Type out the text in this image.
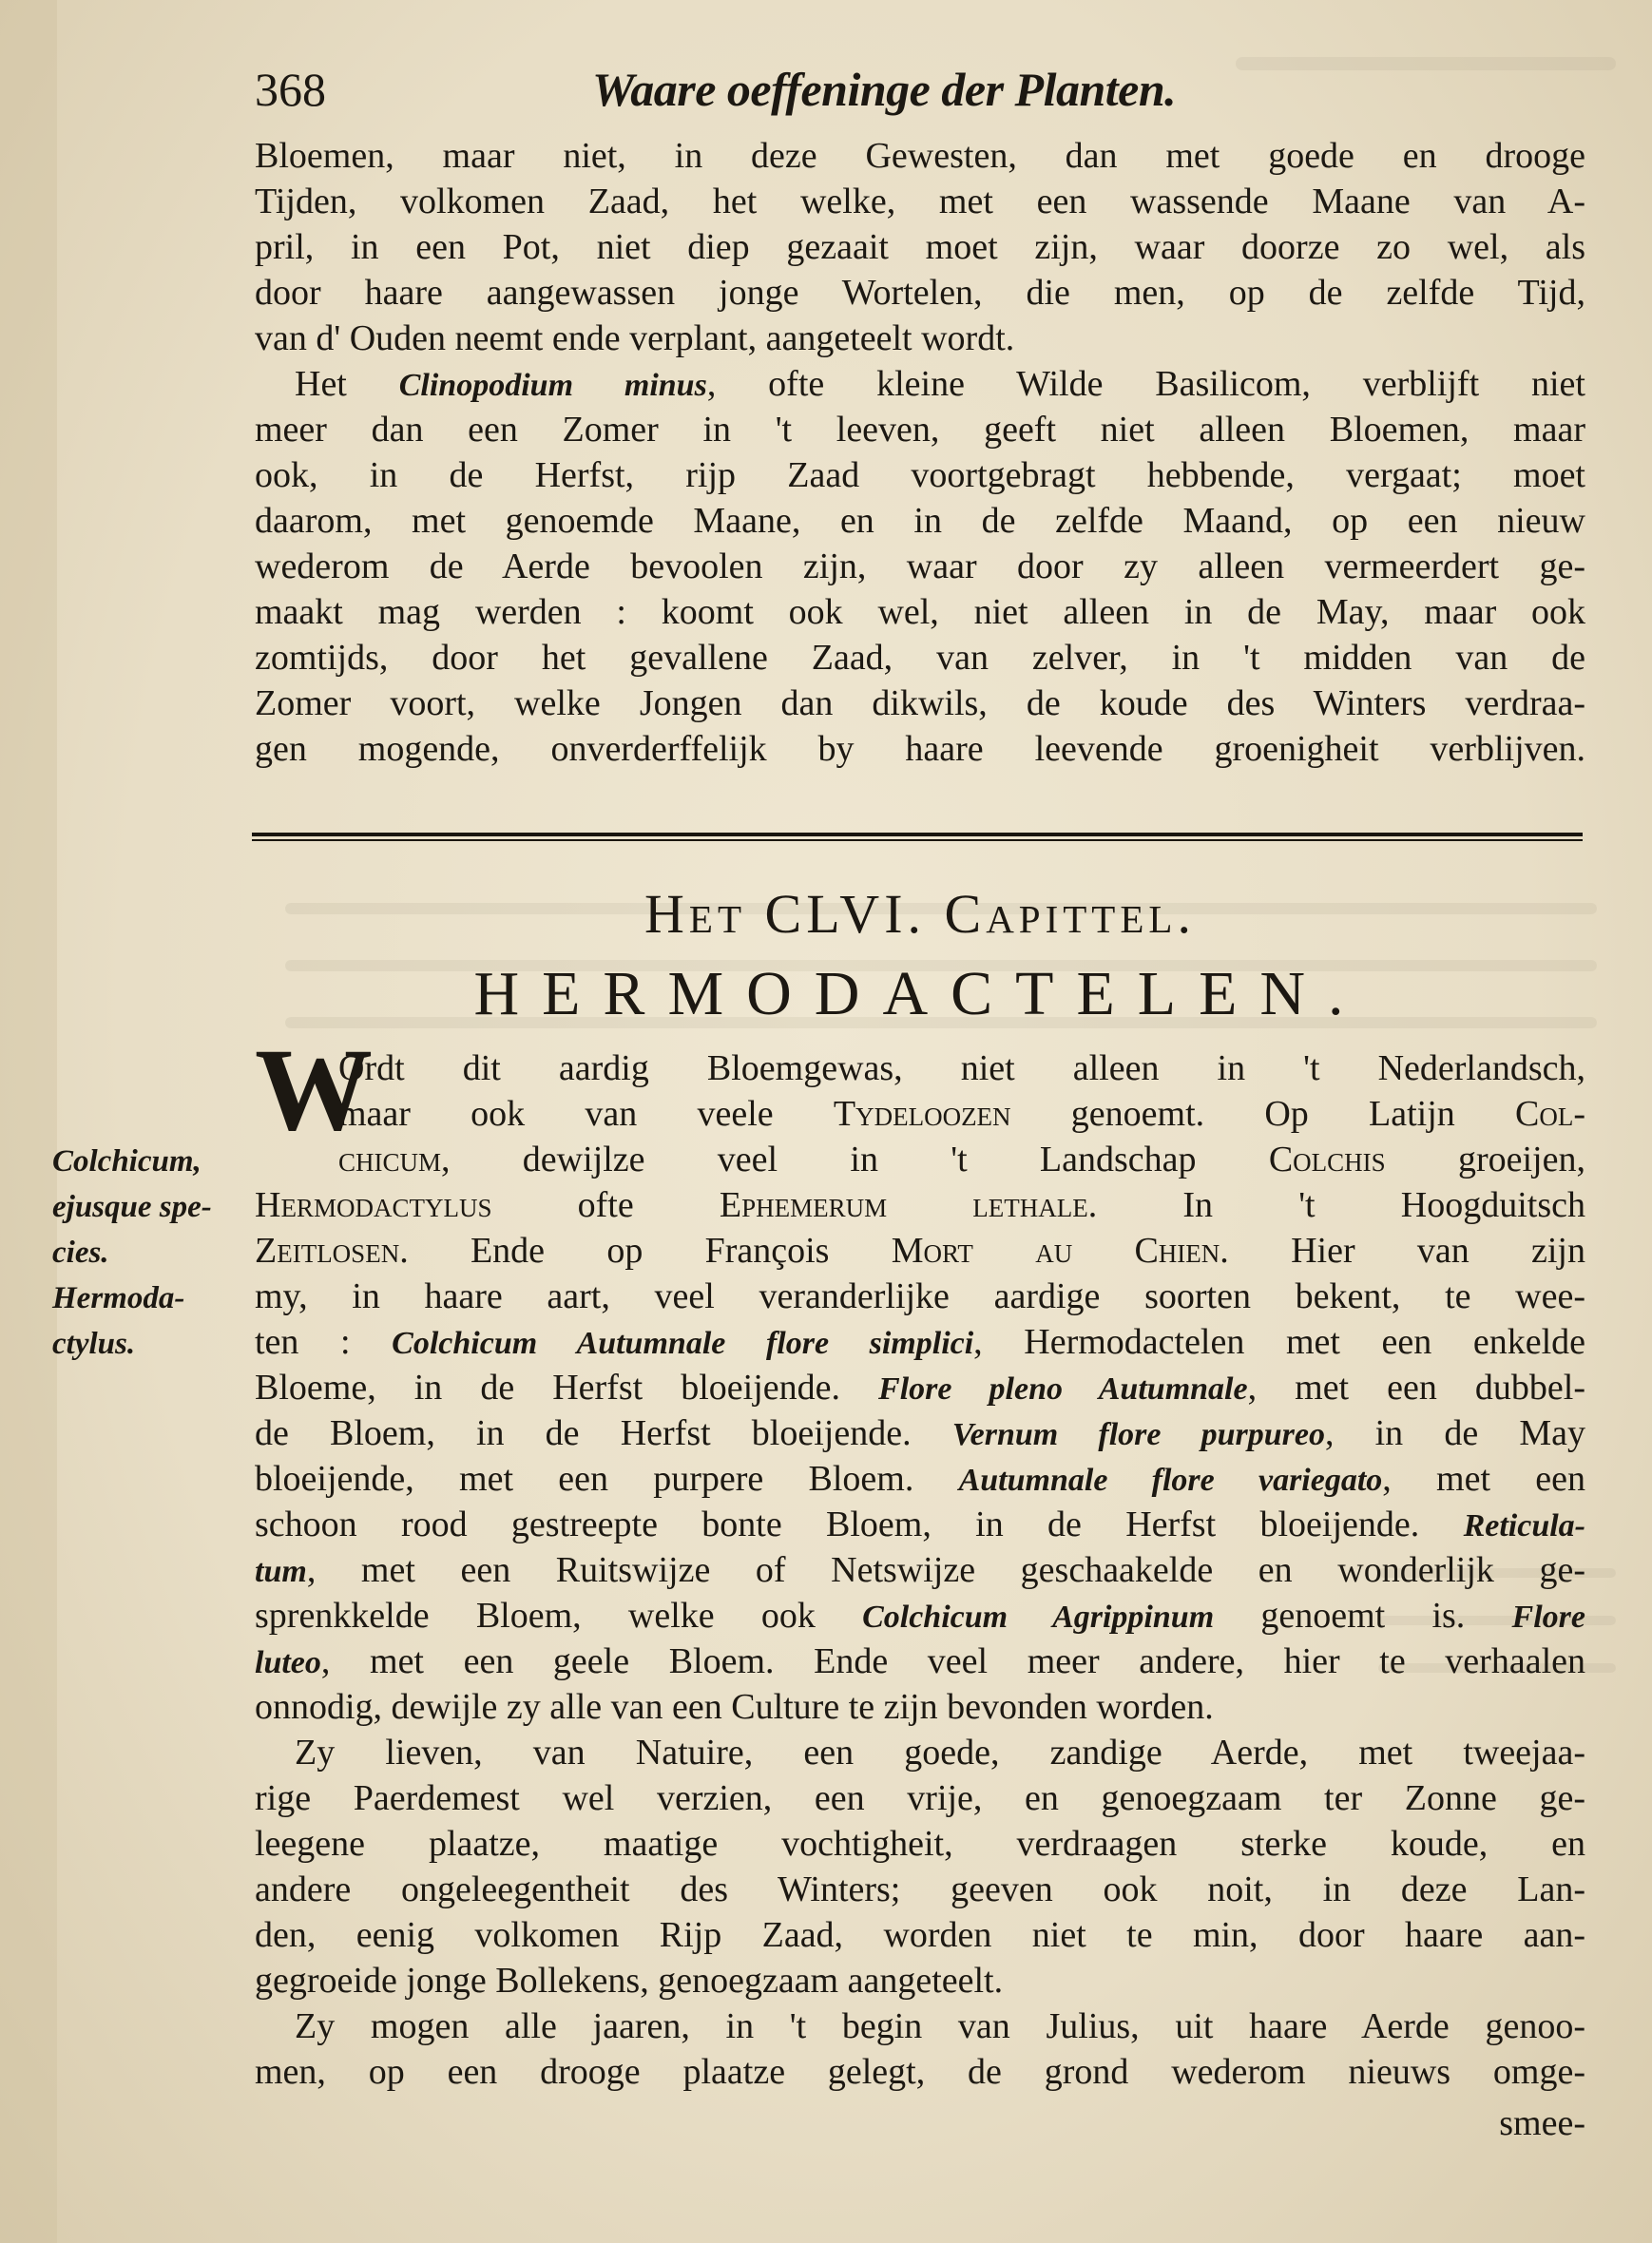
368	Waare oeffeninge der Planten.
Bloemen, maar niet, in deze Gewesten, dan met goede en drooge
Tijden, volkomen Zaad, het welke, met een wassende Maane van A-
pril, in een Pot, niet diep gezaait moet zijn, waar doorze zo wel, als
door haare aangewassen jonge Wortelen, die men, op de zelfde Tijd,
van d' Ouden neemt ende verplant, aangeteelt wordt.
Het Clinopodium minus, ofte kleine Wilde Basilicom, verblijft niet
meer dan een Zomer in 't leeven, geeft niet alleen Bloemen, maar
ook, in de Herfst, rijp Zaad voortgebragt hebbende, vergaat; moet
daarom, met genoemde Maane, en in de zelfde Maand, op een nieuw
wederom de Aerde bevoolen zijn, waar door zy alleen vermeerdert ge-
maakt mag werden : koomt ook wel, niet alleen in de May, maar ook
zomtijds, door het gevallene Zaad, van zelver, in 't midden van de
Zomer voort, welke Jongen dan dikwils, de koude des Winters verdraa-
gen mogende, onverderffelijk by haare leevende groenigheit verblijven.
Het CLVI. Capittel.
HERMODACTELEN.
Colchicum,
ejusque spe-
cies.
Hermoda-
ctylus.
W
Ordt dit aardig Bloemgewas, niet alleen in 't Nederlandsch,
maar ook van veele Tydeloozen genoemt. Op Latijn Col-
chicum, dewijlze veel in 't Landschap Colchis groeijen,
Hermodactylus ofte Ephemerum lethale. In 't Hoogduitsch
Zeitlosen. Ende op François Mort au Chien. Hier van zijn
my, in haare aart, veel veranderlijke aardige soorten bekent, te wee-
ten : Colchicum Autumnale flore simplici, Hermodactelen met een enkelde
Bloeme, in de Herfst bloeijende. Flore pleno Autumnale, met een dubbel-
de Bloem, in de Herfst bloeijende. Vernum flore purpureo, in de May
bloeijende, met een purpere Bloem. Autumnale flore variegato, met een
schoon rood gestreepte bonte Bloem, in de Herfst bloeijende. Reticula-
tum, met een Ruitswijze of Netswijze geschaakelde en wonderlijk ge-
sprenkkelde Bloem, welke ook Colchicum Agrippinum genoemt is. Flore
luteo, met een geele Bloem. Ende veel meer andere, hier te verhaalen
onnodig, dewijle zy alle van een Culture te zijn bevonden worden.
Zy lieven, van Natuire, een goede, zandige Aerde, met tweejaa-
rige Paerdemest wel verzien, een vrije, en genoegzaam ter Zonne ge-
leegene plaatze, maatige vochtigheit, verdraagen sterke koude, en
andere ongeleegentheit des Winters; geeven ook noit, in deze Lan-
den, eenig volkomen Rijp Zaad, worden niet te min, door haare aan-
gegroeide jonge Bollekens, genoegzaam aangeteelt.
Zy mogen alle jaaren, in 't begin van Julius, uit haare Aerde genoo-
men, op een drooge plaatze gelegt, de grond wederom nieuws omge-
smee-
